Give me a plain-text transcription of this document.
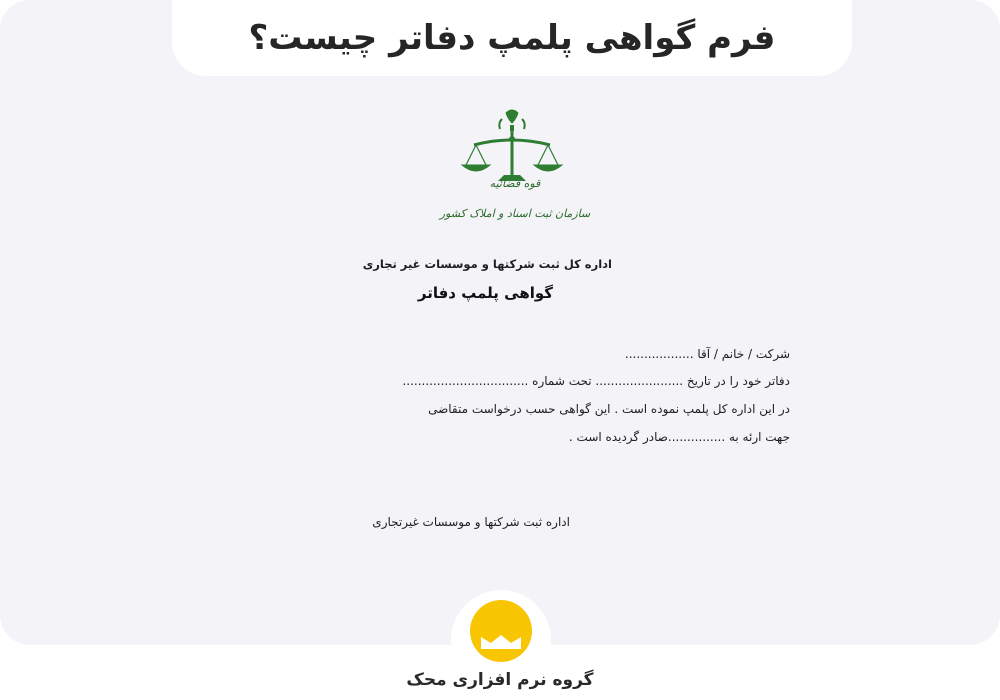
فرم گواهی پلمپ دفاتر چیست؟
قوه قضائیه
سازمان ثبت اسناد و املاک کشور
اداره کل ثبت شرکتها و موسسات غیر تجاری
گواهی پلمپ دفاتر
شرکت / خانم / آقا ..................
دفاتر خود را در تاریخ ....................... تحت شماره .................................
در این اداره کل پلمپ نموده است . این گواهی حسب درخواست متقاضی
جهت ارئه به ...............صادر گردیده است .
اداره ثبت شرکتها و موسسات غیرتجاری
گروه نرم افزاری محک
